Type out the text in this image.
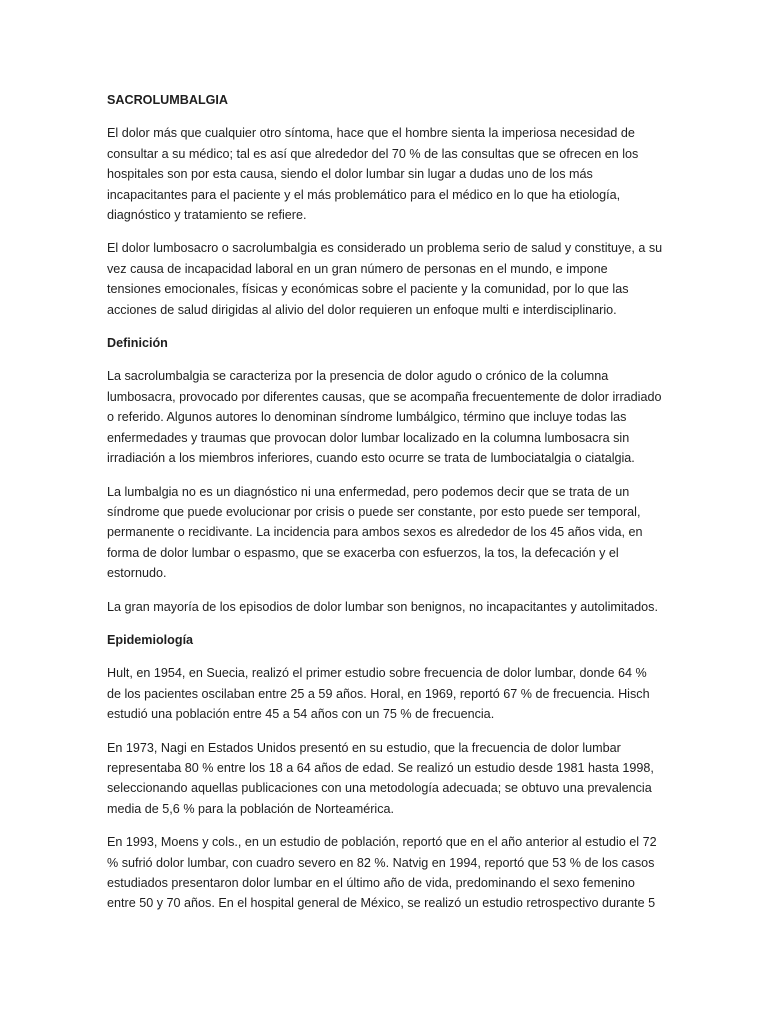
SACROLUMBALGIA

El dolor más que cualquier otro síntoma, hace que el hombre sienta la imperiosa necesidad de consultar a su médico; tal es así que alrededor del 70 % de las consultas que se ofrecen en los hospitales son por esta causa, siendo el dolor lumbar sin lugar a dudas uno de los más incapacitantes para el paciente y el más problemático para el médico en lo que ha etiología, diagnóstico y tratamiento se refiere.

El dolor lumbosacro o sacrolumbalgia es considerado un problema serio de salud y constituye, a su vez causa de incapacidad laboral en un gran número de personas en el mundo, e impone tensiones emocionales, físicas y económicas sobre el paciente y la comunidad, por lo que las acciones de salud dirigidas al alivio del dolor requieren un enfoque multi e interdisciplinario.

Definición

La sacrolumbalgia se caracteriza por la presencia de dolor agudo o crónico de la columna lumbosacra, provocado por diferentes causas, que se acompaña frecuentemente de dolor irradiado o referido. Algunos autores lo denominan síndrome lumbálgico, término que incluye todas las enfermedades y traumas que provocan dolor lumbar localizado en la columna lumbosacra sin irradiación a los miembros inferiores, cuando esto ocurre se trata de lumbociatalgia o ciatalgia.

La lumbalgia no es un diagnóstico ni una enfermedad, pero podemos decir que se trata de un síndrome que puede evolucionar por crisis o puede ser constante, por esto puede ser temporal, permanente o recidivante. La incidencia para ambos sexos es alrededor de los 45 años vida, en forma de dolor lumbar o espasmo, que se exacerba con esfuerzos, la tos, la defecación y el estornudo.

La gran mayoría de los episodios de dolor lumbar son benignos, no incapacitantes y autolimitados.

Epidemiología

Hult, en 1954, en Suecia, realizó el primer estudio sobre frecuencia de dolor lumbar, donde 64 % de los pacientes oscilaban entre 25 a 59 años. Horal, en 1969, reportó 67 % de frecuencia. Hisch estudió una población entre 45 a 54 años con un 75 % de frecuencia.

En 1973, Nagi en Estados Unidos presentó en su estudio, que la frecuencia de dolor lumbar representaba 80 % entre los 18 a 64 años de edad. Se realizó un estudio desde 1981 hasta 1998, seleccionando aquellas publicaciones con una metodología adecuada; se obtuvo una prevalencia media de 5,6 % para la población de Norteamérica.

En 1993, Moens y cols., en un estudio de población, reportó que en el año anterior al estudio el 72 % sufrió dolor lumbar, con cuadro severo en 82 %. Natvig en 1994, reportó que 53 % de los casos estudiados presentaron dolor lumbar en el último año de vida, predominando el sexo femenino entre 50 y 70 años. En el hospital general de México, se realizó un estudio retrospectivo durante 5
